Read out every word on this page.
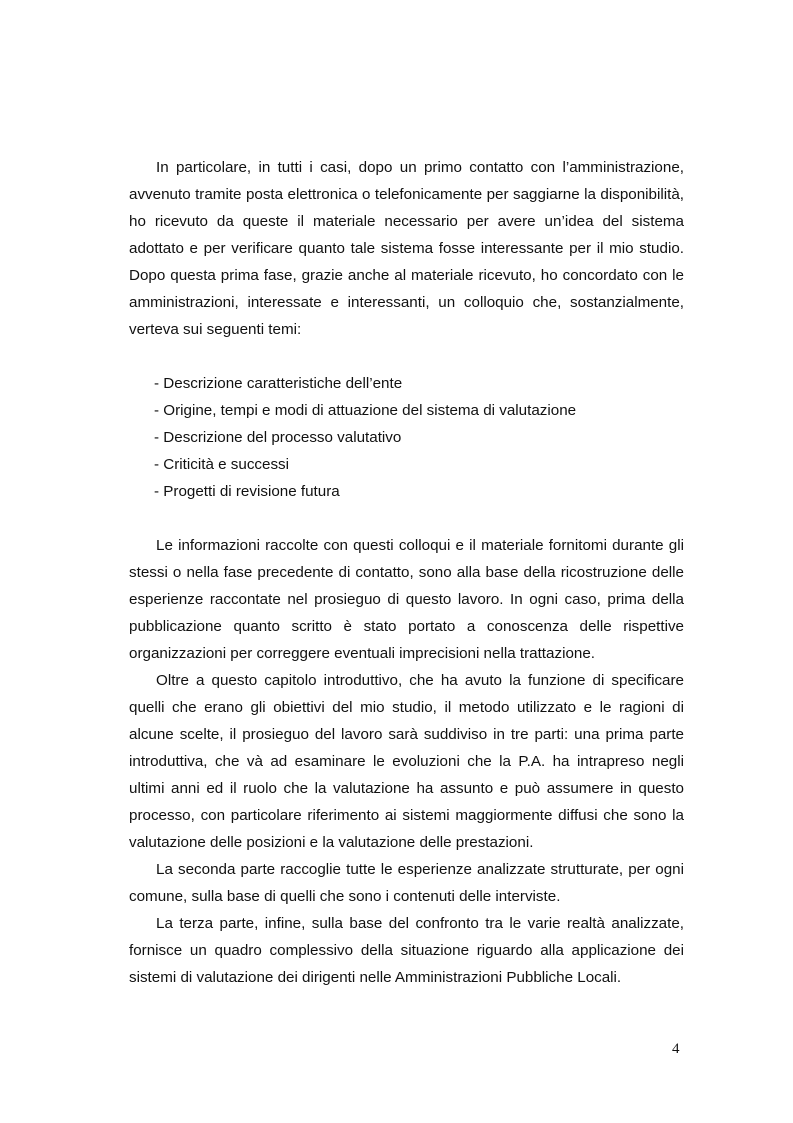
In particolare, in tutti i casi, dopo un primo contatto con l’amministrazione, avvenuto tramite posta elettronica o telefonicamente per saggiarne la disponibilità, ho ricevuto da queste il materiale necessario per avere un’idea del sistema adottato e per verificare quanto tale sistema fosse interessante per il mio studio. Dopo questa prima fase, grazie anche al materiale ricevuto, ho concordato con le amministrazioni, interessate e interessanti, un colloquio che, sostanzialmente, verteva sui seguenti temi:

- Descrizione caratteristiche dell’ente
- Origine, tempi e modi di attuazione del sistema di valutazione
- Descrizione del processo valutativo
- Criticità e successi
- Progetti di revisione futura

Le informazioni raccolte con questi colloqui e il materiale fornitomi durante gli stessi o nella fase precedente di contatto, sono alla base della ricostruzione delle esperienze raccontate nel prosieguo di questo lavoro. In ogni caso, prima della pubblicazione quanto scritto è stato portato a conoscenza delle rispettive organizzazioni per correggere eventuali imprecisioni nella trattazione.

Oltre a questo capitolo introduttivo, che ha avuto la funzione di specificare quelli che erano gli obiettivi del mio studio, il metodo utilizzato e le ragioni di alcune scelte, il prosieguo del lavoro sarà suddiviso in tre parti: una prima parte introduttiva, che và ad esaminare le evoluzioni che la P.A. ha intrapreso negli ultimi anni ed il ruolo che la valutazione ha assunto e può assumere in questo processo, con particolare riferimento ai sistemi maggiormente diffusi che sono la valutazione delle posizioni e la valutazione delle prestazioni.

La seconda parte raccoglie tutte le esperienze analizzate strutturate, per ogni comune, sulla base di quelli che sono i contenuti delle interviste.

La terza parte, infine, sulla base del confronto tra le varie realtà analizzate, fornisce un quadro complessivo della situazione riguardo alla applicazione dei sistemi di valutazione dei dirigenti nelle Amministrazioni Pubbliche Locali.

4
